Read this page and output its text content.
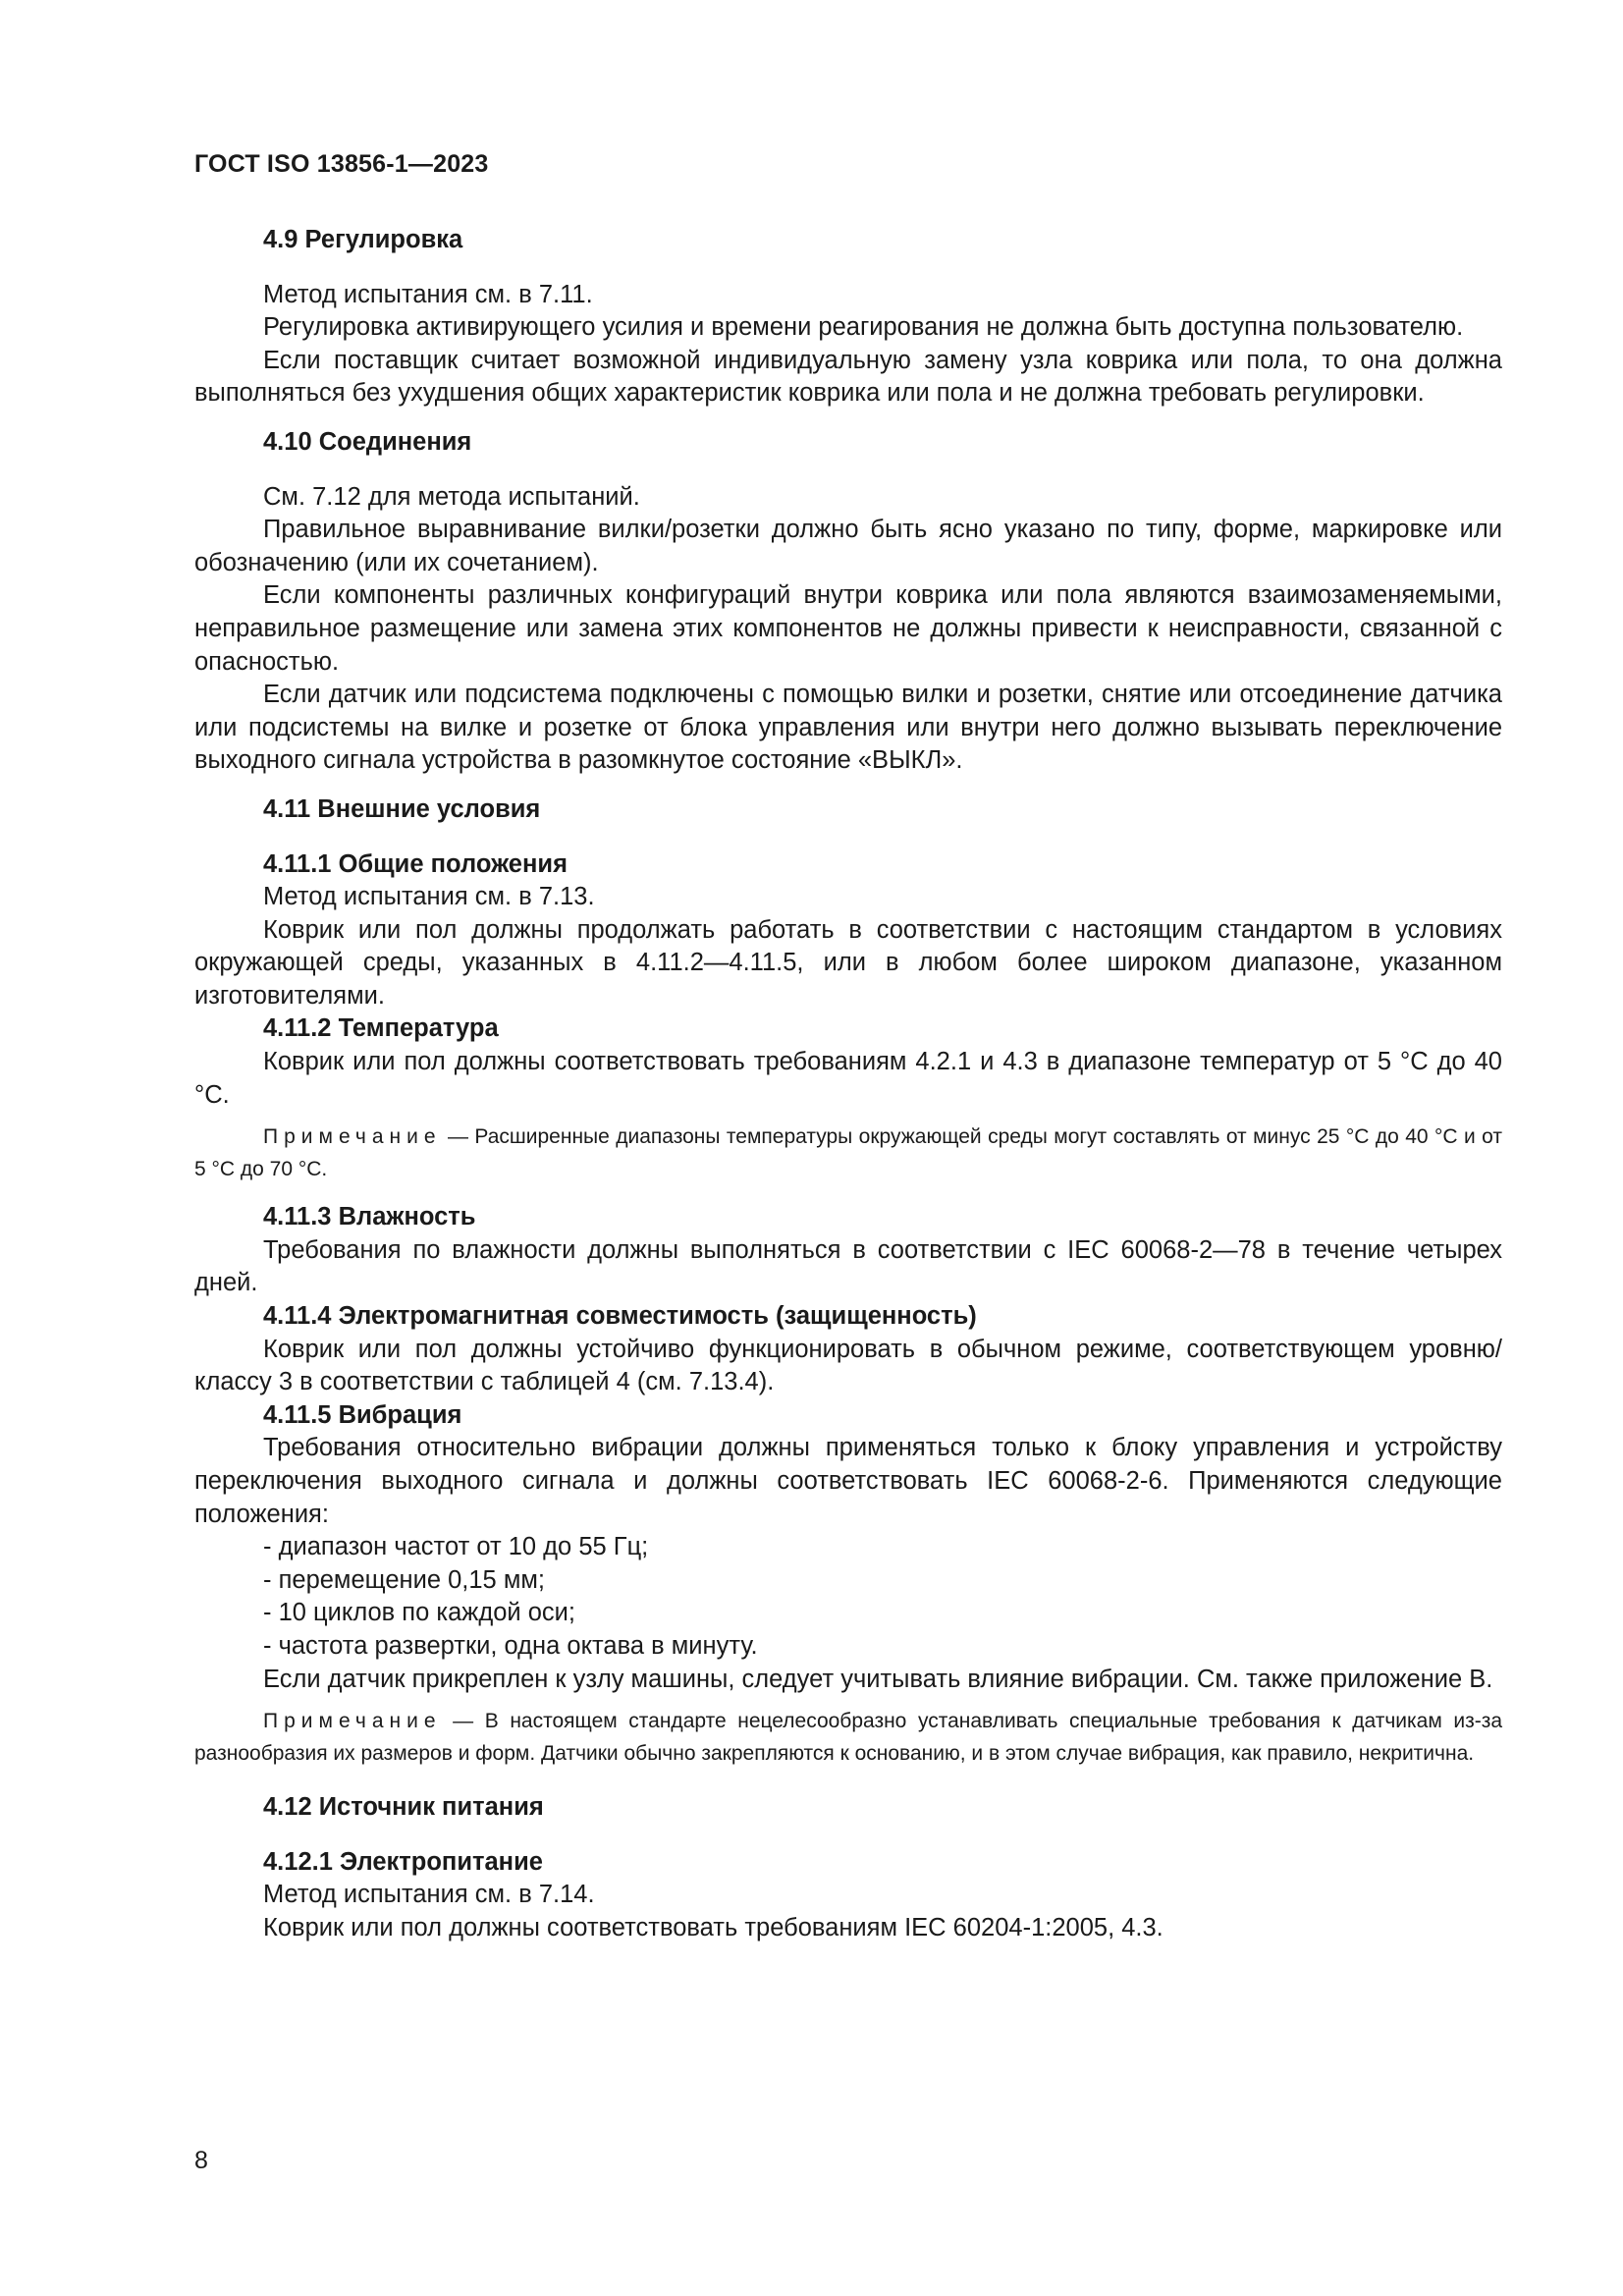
ГОСТ ISO 13856-1—2023
4.9 Регулировка

Метод испытания см. в 7.11.

Регулировка активирующего усилия и времени реагирования не должна быть доступна пользователю.

Если поставщик считает возможной индивидуальную замену узла коврика или пола, то она должна выполняться без ухудшения общих характеристик коврика или пола и не должна требовать регулировки.

4.10 Соединения

См. 7.12 для метода испытаний.

Правильное выравнивание вилки/розетки должно быть ясно указано по типу, форме, маркировке или обозначению (или их сочетанием).

Если компоненты различных конфигураций внутри коврика или пола являются взаимозаменяемыми, неправильное размещение или замена этих компонентов не должны привести к неисправности, связанной с опасностью.

Если датчик или подсистема подключены с помощью вилки и розетки, снятие или отсоединение датчика или подсистемы на вилке и розетке от блока управления или внутри него должно вызывать переключение выходного сигнала устройства в разомкнутое состояние «ВЫКЛ».

4.11 Внешние условия
4.11.1 Общие положения

Метод испытания см. в 7.13.

Коврик или пол должны продолжать работать в соответствии с настоящим стандартом в условиях окружающей среды, указанных в 4.11.2—4.11.5, или в любом более широком диапазоне, указанном изготовителями.

4.11.2 Температура

Коврик или пол должны соответствовать требованиям 4.2.1 и 4.3 в диапазоне температур от 5 °С до 40 °С.

Примечание — Расширенные диапазоны температуры окружающей среды могут составлять от минус 25 °С до 40 °С и от 5 °С до 70 °С.

4.11.3 Влажность

Требования по влажности должны выполняться в соответствии с IEC 60068-2—78 в течение четырех дней.

4.11.4 Электромагнитная совместимость (защищенность)

Коврик или пол должны устойчиво функционировать в обычном режиме, соответствующем уровню/классу 3 в соответствии с таблицей 4 (см. 7.13.4).

4.11.5 Вибрация

Требования относительно вибрации должны применяться только к блоку управления и устройству переключения выходного сигнала и должны соответствовать IEC 60068-2-6. Применяются следующие положения:

- диапазон частот от 10 до 55 Гц;

- перемещение 0,15 мм;

- 10 циклов по каждой оси;

- частота развертки, одна октава в минуту.

Если датчик прикреплен к узлу машины, следует учитывать влияние вибрации. См. также приложение В.

Примечание — В настоящем стандарте нецелесообразно устанавливать специальные требования к датчикам из-за разнообразия их размеров и форм. Датчики обычно закрепляются к основанию, и в этом случае вибрация, как правило, некритична.

4.12 Источник питания
4.12.1 Электропитание

Метод испытания см. в 7.14.

Коврик или пол должны соответствовать требованиям IEC 60204-1:2005, 4.3.

8
